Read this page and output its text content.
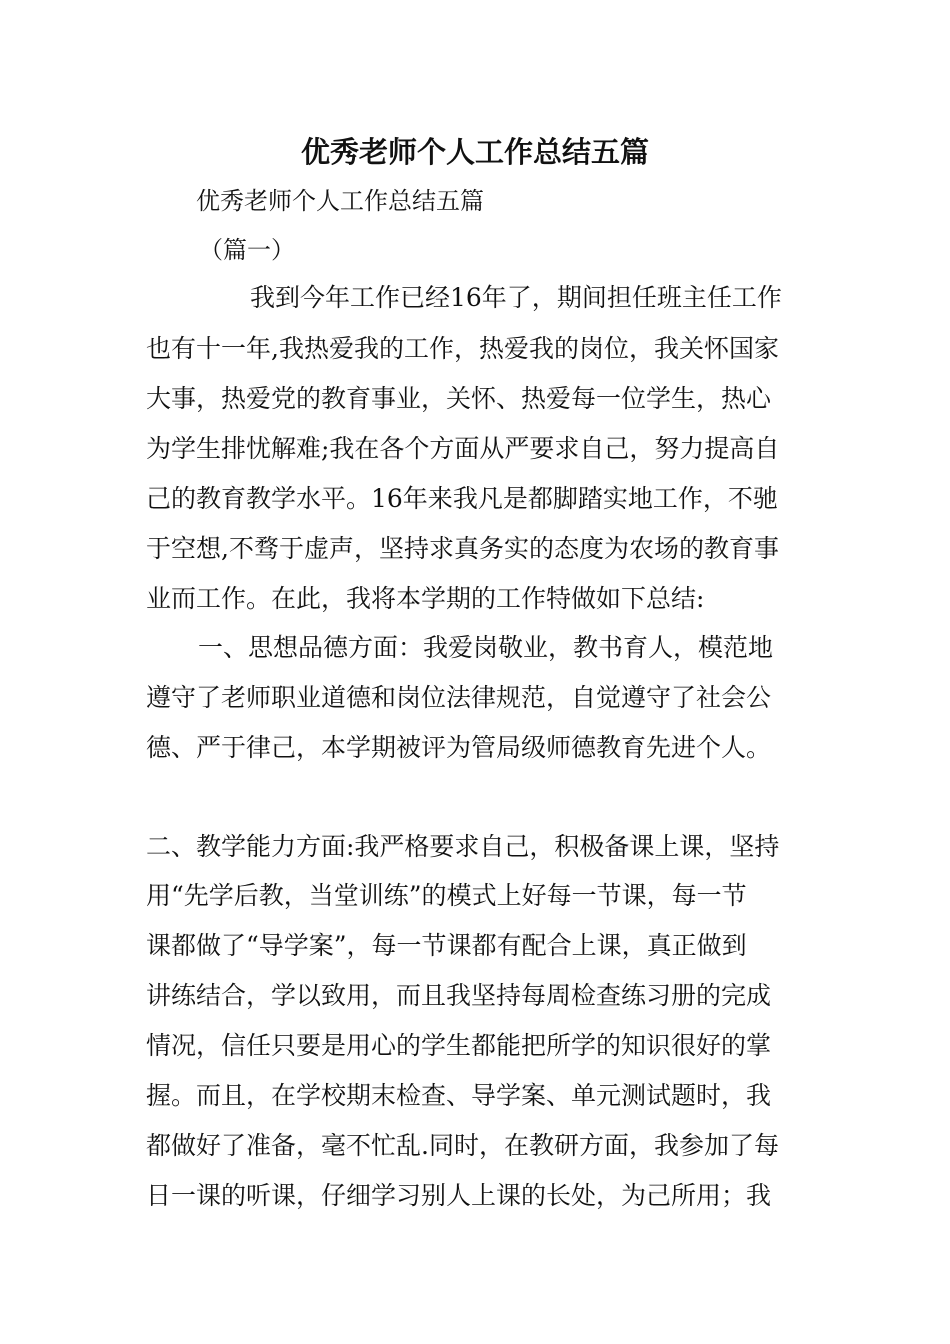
优秀老师个人工作总结五篇

优秀老师个人工作总结五篇

（篇一）

我到今年工作已经16年了，期间担任班主任工作

也有十一年,我热爱我的工作，热爱我的岗位，我关怀国家

大事，热爱党的教育事业，关怀、热爱每一位学生，热心

为学生排忧解难;我在各个方面从严要求自己，努力提高自

己的教育教学水平。16年来我凡是都脚踏实地工作，不驰

于空想,不骛于虚声，坚持求真务实的态度为农场的教育事

业而工作。在此，我将本学期的工作特做如下总结:

一、思想品德方面：我爱岗敬业，教书育人，模范地

遵守了老师职业道德和岗位法律规范，自觉遵守了社会公

德、严于律己，本学期被评为管局级师德教育先进个人。

二、教学能力方面:我严格要求自己，积极备课上课，坚持

用“先学后教，当堂训练”的模式上好每一节课，每一节

课都做了“导学案”，每一节课都有配合上课，真正做到

讲练结合，学以致用，而且我坚持每周检查练习册的完成

情况，信任只要是用心的学生都能把所学的知识很好的掌

握。而且，在学校期末检查、导学案、单元测试题时，我

都做好了准备，毫不忙乱.同时，在教研方面，我参加了每

日一课的听课，仔细学习别人上课的长处，为己所用；我
